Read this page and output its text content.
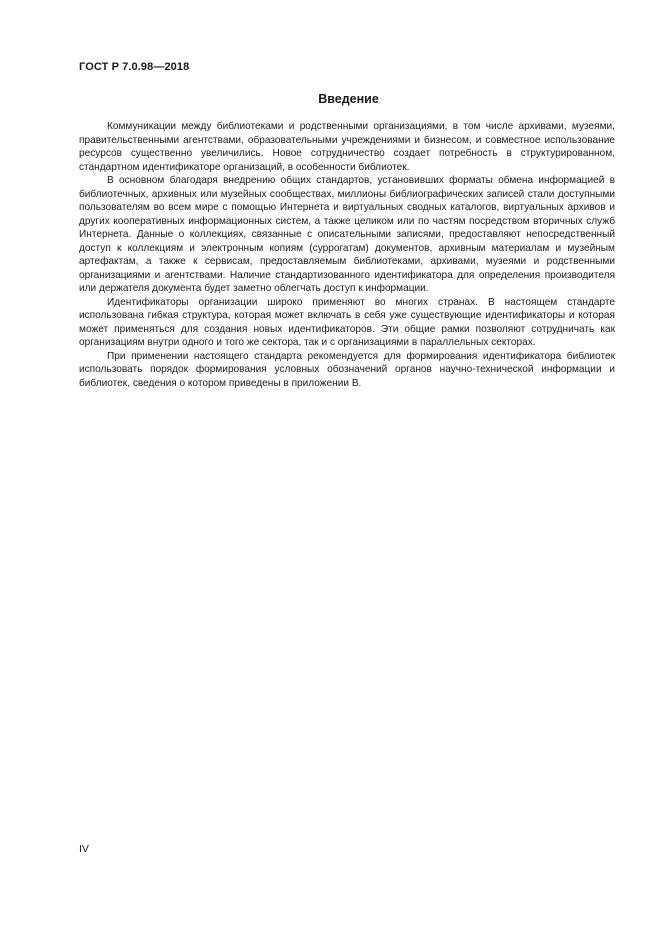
ГОСТ Р 7.0.98—2018
Введение

Коммуникации между библиотеками и родственными организациями, в том числе архивами, музеями, правительственными агентствами, образовательными учреждениями и бизнесом, и совместное использование ресурсов существенно увеличились. Новое сотрудничество создает потребность в структурированном, стандартном идентификаторе организаций, в особенности библиотек.

В основном благодаря внедрению общих стандартов, установивших форматы обмена информацией в библиотечных, архивных или музейных сообществах, миллионы библиографических записей стали доступными пользователям во всем мире с помощью Интернета и виртуальных сводных каталогов, виртуальных архивов и других кооперативных информационных систем, а также целиком или по частям посредством вторичных служб Интернета. Данные о коллекциях, связанные с описательными записями, предоставляют непосредственный доступ к коллекциям и электронным копиям (суррогатам) документов, архивным материалам и музейным артефактам, а также к сервисам, предоставляемым библиотеками, архивами, музеями и родственными организациями и агентствами. Наличие стандартизованного идентификатора для определения производителя или держателя документа будет заметно облегчать доступ к информации.

Идентификаторы организации широко применяют во многих странах. В настоящем стандарте использована гибкая структура, которая может включать в себя уже существующие идентификаторы и которая может применяться для создания новых идентификаторов. Эти общие рамки позволяют сотрудничать как организациям внутри одного и того же сектора, так и с организациями в параллельных секторах.

При применении настоящего стандарта рекомендуется для формирования идентификатора библиотек использовать порядок формирования условных обозначений органов научно-технической информации и библиотек, сведения о котором приведены в приложении В.

IV
